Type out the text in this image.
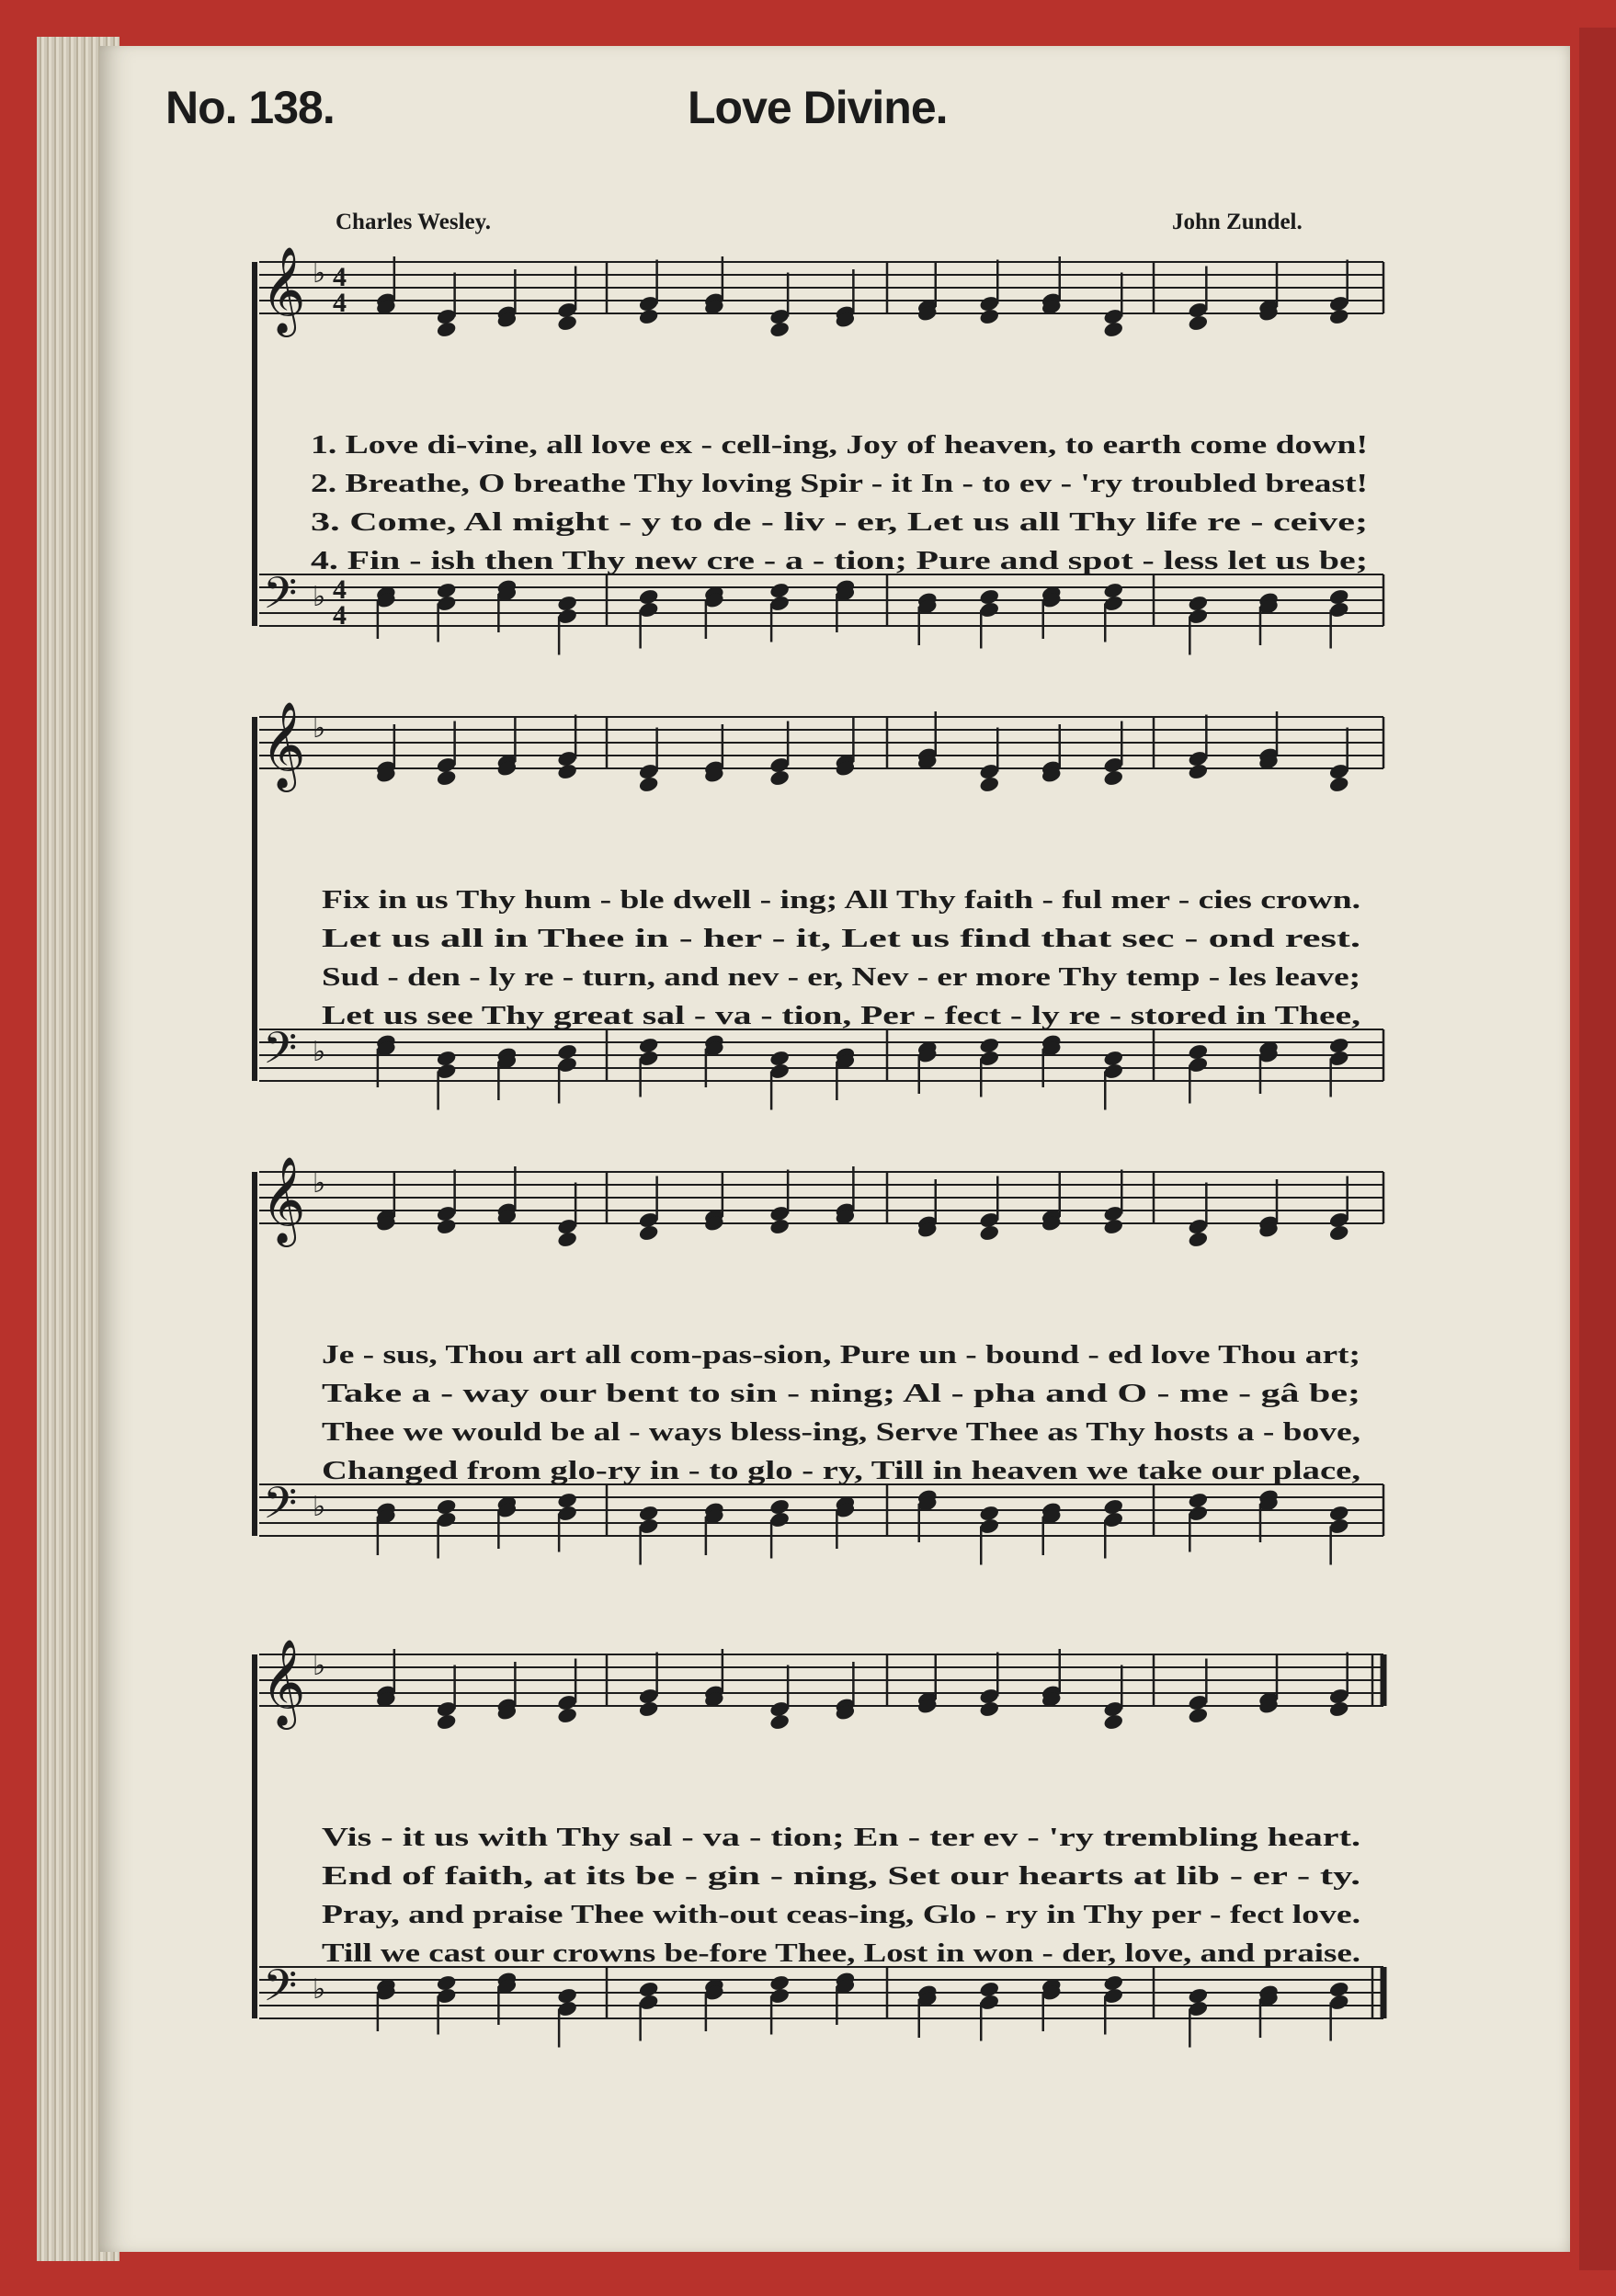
No. 138.	Love Divine.
Charles Wesley.	John Zundel.
𝄞
𝄢
♭
♭
4
4
4
4
1. Love di-vine, all love ex - cell-ing, Joy of heaven, to earth come down!
2. Breathe, O breathe Thy loving Spir - it In - to ev - 'ry troubled breast!
3. Come, Al might - y to de - liv - er, Let us all Thy life re - ceive;
4. Fin - ish then Thy new cre - a - tion; Pure and spot - less let us be;
𝄞
𝄢
♭
♭
Fix in us Thy hum - ble dwell - ing; All Thy faith - ful mer - cies crown.
Let us all in Thee in - her - it, Let us find that sec - ond rest.
Sud - den - ly re - turn, and nev - er, Nev - er more Thy temp - les leave;
Let us see Thy great sal - va - tion, Per - fect - ly re - stored in Thee,
𝄞
𝄢
♭
♭
Je - sus, Thou art all com-pas-sion, Pure un - bound - ed love Thou art;
Take a - way our bent to sin - ning; Al - pha and O - me - gâ be;
Thee we would be al - ways bless-ing, Serve Thee as Thy hosts a - bove,
Changed from glo-ry in - to glo - ry, Till in heaven we take our place,
𝄞
𝄢
♭
♭
Vis - it us with Thy sal - va - tion; En - ter ev - 'ry trembling heart.
End of faith, at its be - gin - ning, Set our hearts at lib - er - ty.
Pray, and praise Thee with-out ceas-ing, Glo - ry in Thy per - fect love.
Till we cast our crowns be-fore Thee, Lost in won - der, love, and praise.
